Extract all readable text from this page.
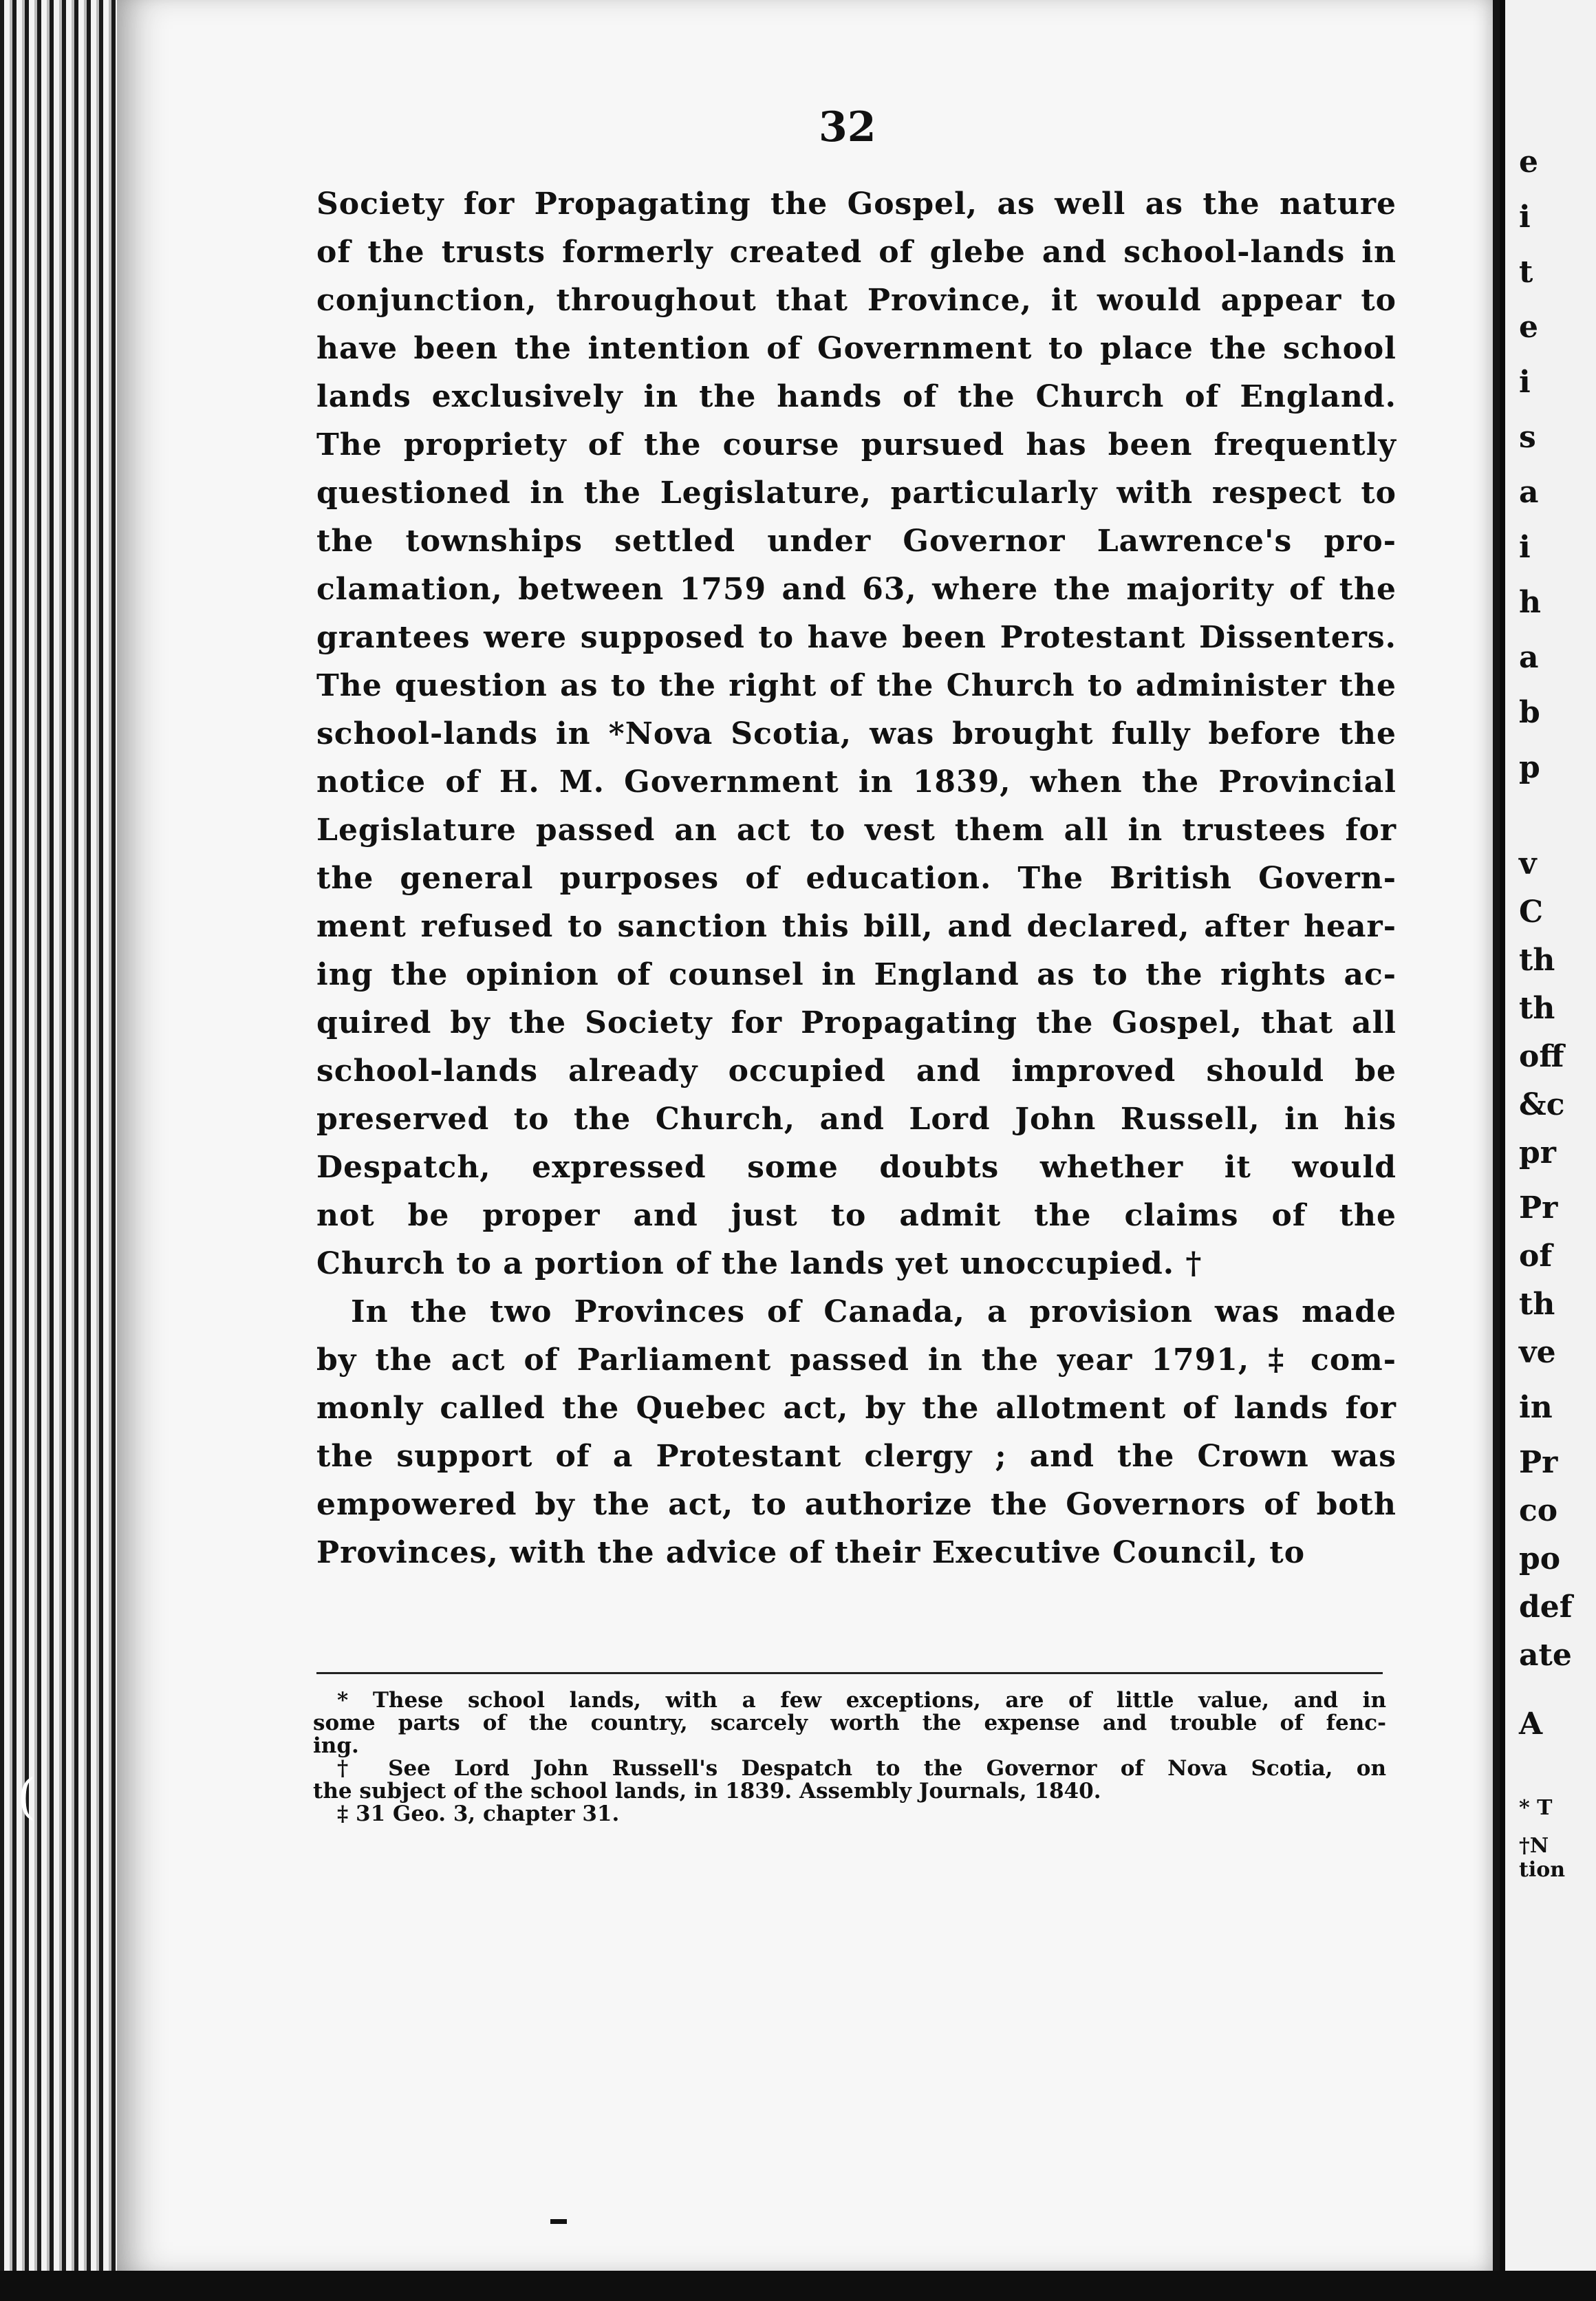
e
i
t
e
i
s
a
i
h
a
b
p
v
C
th
th
off
&c
pr
Pr
of
th
ve
in
Pr
co
po
def
ate
A
* T
†N
tion
(
32
Society for Propagating the Gospel, as well as the nature
of the trusts formerly created of glebe and school-lands in
conjunction, throughout that Province, it would appear to
have been the intention of Government to place the school
lands exclusively in the hands of the Church of England.
The propriety of the course pursued has been frequently
questioned in the Legislature, particularly with respect to
the townships settled under Governor Lawrence's pro-
clamation, between 1759 and 63, where the majority of the
grantees were supposed to have been Protestant Dissenters.
The question as to the right of the Church to administer the
school-lands in *Nova Scotia, was brought fully before the
notice of H. M. Government in 1839, when the Provincial
Legislature passed an act to vest them all in trustees for
the general purposes of education. The British Govern-
ment refused to sanction this bill, and declared, after hear-
ing the opinion of counsel in England as to the rights ac-
quired by the Society for Propagating the Gospel, that all
school-lands already occupied and improved should be
preserved to the Church, and Lord John Russell, in his
Despatch, expressed some doubts whether it would
not be proper and just to admit the claims of the
Church to a portion of the lands yet unoccupied. †
In the two Provinces of Canada, a provision was made
by the act of Parliament passed in the year 1791, ‡ com-
monly called the Quebec act, by the allotment of lands for
the support of a Protestant clergy ; and the Crown was
empowered by the act, to authorize the Governors of both
Provinces, with the advice of their Executive Council, to
* These school lands, with a few exceptions, are of little value, and in
some parts of the country, scarcely worth the expense and trouble of fenc-
ing.
† See Lord John Russell's Despatch to the Governor of Nova Scotia, on
the subject of the school lands, in 1839. Assembly Journals, 1840.
‡ 31 Geo. 3, chapter 31.
